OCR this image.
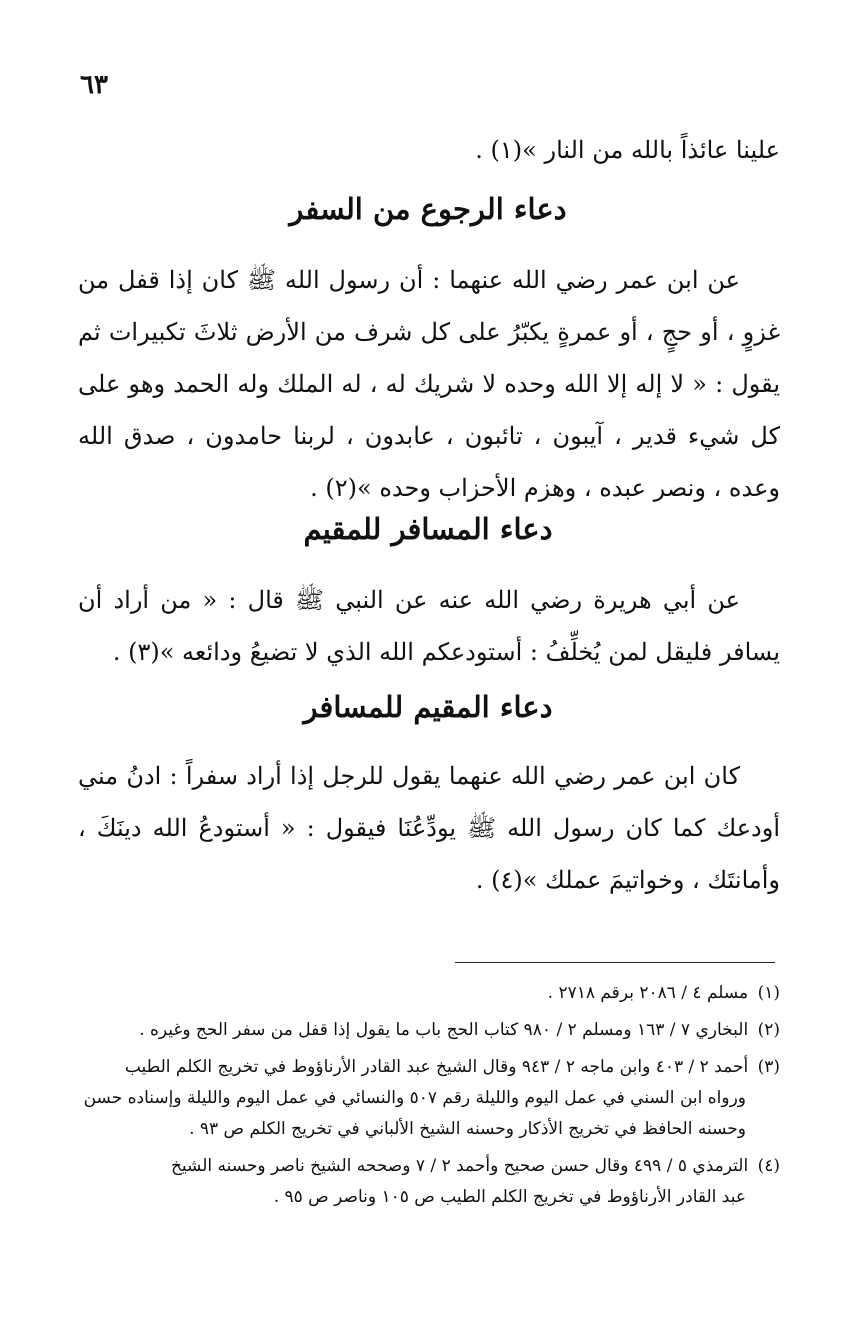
٦٣

علينا عائذاً بالله من النار »(١) .

دعاء الرجوع من السفر

عن ابن عمر رضي الله عنهما : أن رسول الله ﷺ كان إذا قفل من غزوٍ ، أو حجٍ ، أو عمرةٍ يكبّرُ على كل شرف من الأرض ثلاثَ تكبيرات ثم يقول : « لا إله إلا الله وحده لا شريك له ، له الملك وله الحمد وهو على كل شيء قدير ، آيبون ، تائبون ، عابدون ، لربنا حامدون ، صدق الله وعده ، ونصر عبده ، وهزم الأحزاب وحده »(٢) .

دعاء المسافر للمقيم

عن أبي هريرة رضي الله عنه عن النبي ﷺ قال : « من أراد أن يسافر فليقل لمن يُخلِّفُ : أستودعكم الله الذي لا تضيعُ ودائعه »(٣) .

دعاء المقيم للمسافر

كان ابن عمر رضي الله عنهما يقول للرجل إذا أراد سفراً : ادنُ مني أودعك كما كان رسول الله ﷺ يودِّعُنَا فيقول : « أستودعُ الله دينَكَ ، وأمانتَك ، وخواتيمَ عملك »(٤) .

(١) مسلم ٤ / ٢٠٨٦ برقم ٢٧١٨ .

(٢) البخاري ٧ / ١٦٣ ومسلم ٢ / ٩٨٠ كتاب الحج باب ما يقول إذا قفل من سفر الحج وغيره .

(٣) أحمد ٢ / ٤٠٣ وابن ماجه ٢ / ٩٤٣ وقال الشيخ عبد القادر الأرناؤوط في تخريج الكلم الطيب
ورواه ابن السني في عمل اليوم والليلة رقم ٥٠٧ والنسائي في عمل اليوم والليلة وإسناده حسن
وحسنه الحافظ في تخريج الأذكار وحسنه الشيخ الألباني في تخريج الكلم ص ٩٣ .

(٤) الترمذي ٥ / ٤٩٩ وقال حسن صحيح وأحمد ٢ / ٧ وصححه الشيخ ناصر وحسنه الشيخ
عبد القادر الأرناؤوط في تخريج الكلم الطيب ص ١٠٥ وناصر ص ٩٥ .
